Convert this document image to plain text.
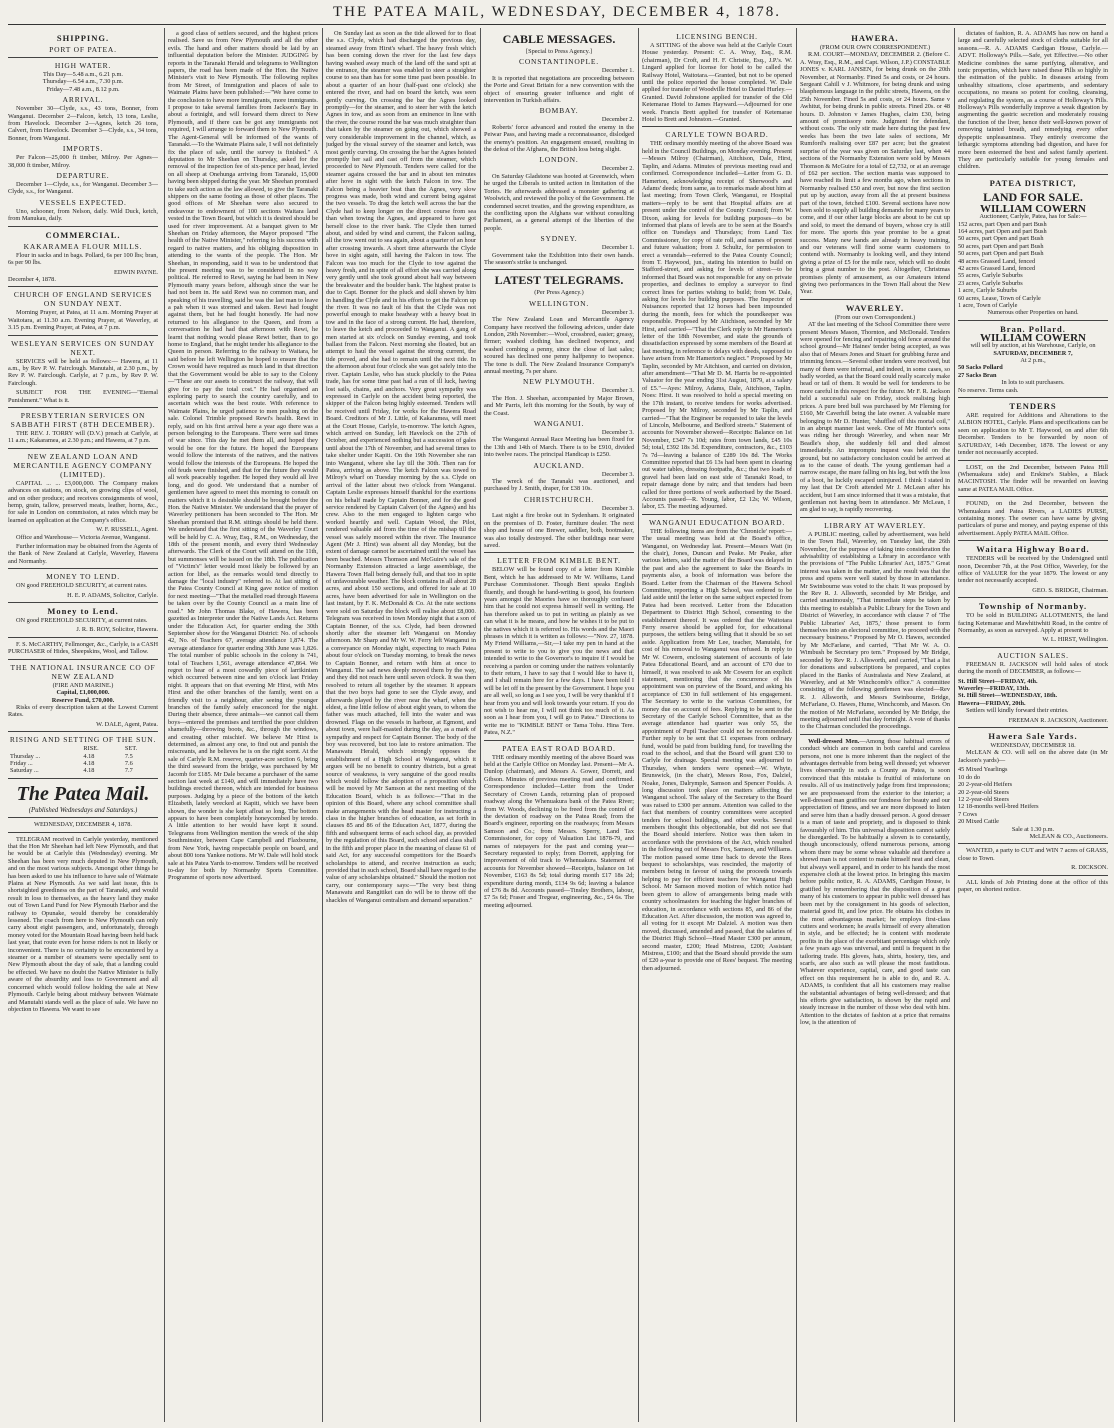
THE PATEA MAIL, WEDNESDAY, DECEMBER 4, 1878.
SHIPPING.
PORT OF PATEA.
HIGH WATER.
This Day—5.48 a.m., 6.21 p.m.
Thursday—6.54 a.m., 7.30 p.m.
Friday—7.48 a.m., 8.12 p.m.
ARRIVAL.

November 30—Clyde, s.s., 43 tons, Bonner, from Wanganui. December 2—Falcon, ketch, 13 tons, Leslie, from Havelock. December 2—Agnes, ketch 26 tons, Calvert, from Havelock. December 3—Clyde, s.s., 34 tons, Bonner, from Wanganui.

IMPORTS.

Per Falcon—25,000 ft timber, Milroy. Per Agnes—38,000 ft timber, Milroy.

DEPARTURE.

December 1—Clyde, s.s., for Wanganui. December 3—Clyde, s.s., for Wanganui.

VESSELS EXPECTED.

Uno, schooner, from Nelson, daily. Wild Duck, ketch, from Manukau, daily.

COMMERCIAL.
KAKARAMEA FLOUR MILLS.

Flour in sacks and in bags. Pollard, 6s per 100 lbs; bran, 6s per 90 lbs.

EDWIN PAYNE.
December 4, 1878.
CHURCH OF ENGLAND SERVICES ON SUNDAY NEXT.

Morning Prayer, at Patea, at 11 a.m. Morning Prayer at Waitotara, at 11.30 a.m. Evening Prayer, at Waverley, at 3.15 p.m. Evening Prayer, at Patea, at 7 p.m.

WESLEYAN SERVICES ON SUNDAY NEXT.

SERVICES will be held as follows:— Hawera, at 11 a.m., by Rev P. W. Fairclough. Manutahi, at 2.30 p.m., by Rev P. W. Fairclough. Carlyle, at 7 p.m., by Rev P. W. Fairclough.

SUBJECT FOR THE EVENING—"Eternal Punishment." What is it.

PRESBYTERIAN SERVICES ON SABBATH FIRST (8TH DECEMBER).

THE REV. J. TORRY will (D.V.) preach at Carlyle, at 11 a.m.; Kakaramea, at 2.30 p.m.; and Hawera, at 7 p.m.

NEW ZEALAND LOAN AND MERCANTILE AGENCY COMPANY (LIMITED).

CAPITAL ... ... £3,000,000. The Company makes advances on stations, on stock, on growing clips of wool, and on other produce; and receives consignments of wool, hemp, grain, tallow, preserved meats, leather, horns, &c., for sale in London on commission, at rates which may be learned on application at the Company's office.

W. F. RUSSELL, Agent.

Office and Warehouse— Victoria Avenue, Wanganui.

Further information may be obtained from the Agents of the Bank of New Zealand at Carlyle, Waverley, Hawera and Normanby.

MONEY TO LEND.

ON good FREEHOLD SECURITY, at current rates.

H. E. P. ADAMS, Solicitor, Carlyle.
Money to Lend.

ON good FREEHOLD SECURITY, at current rates.

J. R. B. ROY, Solicitor, Hawera.

F. S. McCARTHY, Fellmonger, &c., Carlyle, is a CASH PURCHASER of Hides, Sheepskins, Wool, and Tallow.

THE NATIONAL INSURANCE CO OF NEW ZEALAND
(FIRE AND MARINE.)
Capital, £1,000,000.
Reserve Fund, £70,000.

Risks of every description taken at the Lowest Current Rates.

W. DALE, Agent, Patea.
RISING AND SETTING OF THE SUN.
	RISE.	SET.
Thursday ...	4.18	7.5
Friday ...	4.18	7.6
Saturday ...	4.18	7.7
The Patea Mail.
(Published Wednesdays and Saturdays.)
WEDNESDAY, DECEMBER 4, 1878.

TELEGRAM received in Carlyle yesterday, mentioned that the Hon Mr Sheehan had left New Plymouth, and that he would be at Carlyle this (Wednesday) evening. Mr Sheehan has been very much deputed in New Plymouth, and on the most various subjects. Amongst other things he has been asked to use his influence to have sale of Waimate Plains at New Plymouth. As we said last issue, this is shortsighted greediness on the part of Taranaki, and would result in loss to themselves, as the heavy land they make out of Town Land Fund for New Plymouth Harbor and the railway to Opunake, would thereby be considerably lessened. The coach from here to New Plymouth can only carry about eight passengers, and, unfortunately, through money voted for the Mountain Road having been held back last year, that route even for horse riders is not in likely or inconvenient. There is no certainty to be encountered by a steamer or a number of steamers were specially sent to New Plymouth about the day of sale, that a landing could be effected. We have no doubt the Native Minister is fully aware of the absurdity and loss to Government and all concerned which would follow holding the sale at New Plymouth. Carlyle being about midway between Waimate and Manutahi stands well as the place of sale. We have no objection to Hawera. We want to see

a good class of settlers secured, and the highest prices realised. Save us from New Plymouth and all the other evils. The hand and other matters should be laid by an influential deputation before the Minister. JUDGING by reports in the Taranaki Herald and telegrams to Wellington papers, the road has been made of the Hon. the Native Minister's visit to New Plymouth. The following replies from Mr Street, of Immigration and places of sale to Waimate Plains have been published:—"We have come to the conclusion to have more immigrants, more immigrants. I propose to take several families from Jackson's Bay in about a fortnight, and will forward them direct to New Plymouth, and if there can be got any immigrants not required, I will arrange to forward them to New Plymouth. The Agent-General will be informed of the wants of Taranaki.—To the Waimate Plains sale, I will not definitely fix the place of sale, until the survey is finished." A deputation to Mr Sheehan on Thursday, asked for the removal of the inspection fee of six-pence per head, levied on all sheep at Onehunga arriving from Taranaki, 15,000 having been shipped during the year. Mr Sheehan promised to take such action as the law allowed, to give the Taranaki shippers on the same footing as those of other places. The good offices of Mr Sheehan were also secured to endeavour to endowment of 100 sections Waitara land vested in the Town Board, but which it is desired should be used for river improvement. At a banquet given to Mr Sheehan on Friday afternoon, the Mayor proposed "The health of the Native Minister," referring to his success with regard to native matters, and his obliging disposition in attending to the wants of the people. The Hon. Mr Sheehan, in responding, said it was to be understood that the present meeting was to be considered in no way political. He referred to Rewi, saying he had been in New Plymouth many years before, although since the war he had not been in. He said Rewi was no common man, and speaking of his travelling, said he was the last man to leave a pah when it was stormed and taken. Rewi had fought against them, but he had fought honestly. He had now returned to his allegiance to the Queen, and from a conversation he had had that afternoon with Rewi, he learnt that nothing would please Rewi better, than to go home to England, that he might tender his allegiance to the Queen in person. Referring to the railway to Waitara, he said before he left Wellington he hoped to ensure that the Crown would have required as much land in that direction that the Government would be able to say to the Colony—"These are our assets to construct the railway, that will give for to pay the total cost." He had organised an exploring party to search the country carefully, and to ascertain which was the best route. With reference to Waimate Plains, he urged patience to men pushing on the sale. Colonel Trimble proposed Rewi's health. Rewi in reply, said on his first arrival here a year ago there was a person belonging to the Europeans. There were sad times of war since. This day he met them all, and hoped they would be one for the future. He hoped the Europeans would follow the interests of the natives, and the natives would follow the interests of the Europeans. He hoped the old feuds were finished, and that for the future they would all work peaceably together. He hoped they would all live long, and do good. We understand that a number of gentlemen have agreed to meet this morning to consult on matters which it is desirable should be brought before the Hon. the Native Minister. We understand that the prayer of Waverley petitioners has been seconded to The Hon. Mr Sheehan promised that R.M. sittings should be held there. We understand that the first sitting of the Waverley Court will be held by C. A. Wray, Esq., R.M., on Wednesday, the 18th of the present month, and every third Wednesday afterwards. The Clerk of the Court will attend on the 11th, but summonses will be issued on the 18th. The publication of "Victim's" letter would most likely be followed by an action for libel, as the remarks would tend directly to damage the "local industry" referred to. At last sitting of the Patea County Council at King gave notice of motion for next meeting—"That the metalled road through Hawera be taken over by the County Council as a main line of road." Mr John Thomas Blake, of Hawera, has been gazetted as Interpreter under the Native Lands Act. Returns under the Education Act, for quarter ending the 30th September show for the Wanganui District: No. of schools 42, No. of Teachers 67, average attendance 1,874. The average attendance for quarter ending 30th June was 1,826. The total number of public schools in the colony is 741, total of Teachers 1,561, average attendance 47,864. We regret to hear of a most cowardly piece of larrikinism which occurred between nine and ten o'clock last Friday night. It appears that on that evening Mr Hirst, with Mrs Hirst and the other branches of the family, went on a friendly visit to a neighbour, after seeing the younger branches of the family safely ensconced for the night. During their absence, three animals—we cannot call them boys—entered the premises and terrified the poor children shamefully—throwing boots, &c., through the windows, and creating other mischief. We believe Mr Hirst is determined, as almost any one, to find out and punish the miscreants, and he believes he is on the right scent. At the sale of Carlyle R.M. reserve, quarter-acre section 6, being the third seaward from the bridge, was purchased by Mr Jacomb for £185. Mr Dale became a purchaser of the same section last week at £140, and will immediately have two buildings erected thereon, which are intended for business purposes. Judging by a piece of the bottom of the ketch Elizabeth, lately wrecked at Kapiti, which we have been shown, the wonder is she kept afloat so long. The bottom appears to have been completely honeycombed by teredo. A little attention to her would have kept it sound. Telegrams from Wellington mention the wreck of the ship Southminster, between Cape Campbell and Flaxbourne, from New York, having respectable people on board, and about 800 tons Yankee notions. Mr W. Dale will hold stock sale at his Patea Yards to-morrow. Tenders will be received to-day for both by Normanby Sports Committee. Programme of sports now advertised.

On Sunday last as soon as the tide allowed for to float the s.s. Clyde, which had discharged the previous day, steamed away from Hirst's wharf. The heavy fresh which has been coming down the river for the last few days having washed away much of the land off the sand spit at the entrance, the steamer was enabled to steer a straighter course to sea than has for some time past been possible. In about a quarter of an hour (half-past one o'clock) she entered the river, and had on board the ketch, was seen gently curving. On crossing the bar the Agnes looked promptly—for the steamer, and to steer her with the ketch Agnes in tow, and as soon from an eminence in line with the river, the course round the bar was much straighter than that taken by the steamer on going out, which showed a very considerable improvement in the channel, which, as judged by the visual survey of the steamer and ketch, was most gently curving. On crossing the bar the Agnes hoisted promptly her sail and cast off from the steamer, which proceeded to New Plymouth. Tenders were called for the steamer agains crossed the bar and in about ten minutes after hove in sight with the ketch Falcon in tow. The Falcon being a heavier boat than the Agnes, very slow progress was made, both wind and current being against the two vessels. To drag the ketch well across the bar the Clyde had to keep longer on the direct course from sea than when towing the Agnes, and appeared to have got herself close to the river bank. The Clyde then turned about, and sided by wind and current, the Falcon sailing, all the tow went out to sea again, about a quarter of an hour after crossing inwards. A short time afterwards the Clyde hove in sight again, still having the Falcon in tow. The Falcon was too much for the Clyde to tow against the heavy fresh, and in spite of all effort she was carried along very gently until she took ground about half way between the breakwater and the boulder bank. The highest praise is due to Capt. Bonner for the pluck and skill shown by him in handling the Clyde and in his efforts to get the Falcon up the river. It was no fault of his that the Clyde was not powerful enough to make headway with a heavy boat in tow and in the face of a strong current. He had, therefore, to leave the ketch and proceeded to Wanganui. A gang of men started at six o'clock on Sunday evening, and took ballast from the Falcon. Next morning she floated, but an attempt to haul the vessel against the strong current, the tide proved, and she had to remain until the next tide. In the afternoon about four o'clock she was got safely into the river. Captain Leslie, who has stuck pluckily to the Patea trade, has for some time past had a run of ill luck, having lost sails, chains, and anchors. Very great sympathy was expressed in Carlyle on the accident being reported, the skipper of the Falcon being highly esteemed. Tenders will be received until Friday, for works for the Hawera Road Board. Creditors of Mr J. Little, of Kakaramea, will meet at the Court House, Carlyle, to-morrow. The ketch Agnes, which arrived on Sunday, left Havelock on the 27th of October, and experienced nothing but a succession of gales until about the 17th of November, and had several times to take shelter under Kapiti. On the 19th November she ran into Wanganui, where she lay till the 30th. Then ran for Patea, arriving as above. The ketch Falcon was towed to Milroy's wharf on Tuesday morning by the s.s. Clyde on arrival of the latter about two o'clock from Wanganui. Captain Leslie expresses himself thankful for the exertions on his behalf made by Captain Bonner, and for the good service rendered by Captain Calvert (of the Agnes) and his crew. Also to the men engaged to lighten cargo who worked heartily and well. Captain Wood, the Pilot, rendered valuable aid from the time of the mishap till the vessel was safely moored within the river. The Insurance Agent (Mr J. Hirst) was absent all day Monday, but the extent of damage cannot be ascertained until the vessel has been beached. Messrs Thomson and McGuire's sale of the Normanby Extension attracted a large assemblage, the Hawera Town Hall being densely full, and that too in spite of unfavourable weather. The block contains in all about 28 acres, and about 150 sections, and offered for sale at 10 acres, have been advertised for sale in Wellington on the last instant, by F. K. McDonald & Co. At the rate sections were sold on Saturday the block will realise about £8,000. Telegram was received in town Monday night that a son of Captain Bonner, of the s.s. Clyde, had been drowned shortly after the steamer left Wanganui on Monday afternoon. Mr Sharp and Mr W. W. Ferry left Wanganui in a conveyance on Monday night, expecting to reach Patea about four o'clock on Tuesday morning, to break the news to Captain Bonner, and return with him at once to Wanganui. The sad news deeply moved them by the way, and they did not reach here until seven o'clock. It was then resolved to return all together by the steamer. It appears that the two boys had gone to see the Clyde away, and afterwards played by the river near the wharf, when the eldest, a fine little fellow of about eight years, to whom the father was much attached, fell into the water and was drowned. Flags on the vessels in harbour, at Egmont, and about town, were half-masted during the day, as a mark of sympathy and respect for Captain Bonner. The body of the boy was recovered, but too late to restore animation. The Manawatu Herald, which strongly opposes the establishment of a High School at Wanganui, which it argues will be no benefit to country districts, but a great source of weakness, is very sanguine of the good results which would follow the adoption of a proposition which will be moved by Mr Samson at the next meeting of the Education Board, which is as follows:—"That in the opinion of this Board, where any school committee shall make arrangements with the head master for instructing a class in the higher branches of education, as set forth in clauses 85 and 86 of the Education Act, 1877, during the fifth and subsequent terms of each school day, as provided by the regulation of this Board, such school and class shall in the fifth and proper place in the meaning of clause 61 of said Act, for any successful competitors for the Board's scholarships to attend, and receive instruction as such; provided that in such school, Board shall have regard to the value of any scholarships obtained." Should the motion not carry, our contemporary says:—"The very best thing Manawatu and Rangitikei can do will be to throw off the shackles of Wanganui centralism and demand separation."

CABLE MESSAGES.
[Special to Press Agency.]
CONSTANTINOPLE.
December 1.

It is reported that negotiations are proceeding between the Porte and Great Britain for a new convention with the object of ensuring greater influence and right of intervention in Turkish affairs.

BOMBAY.
December 2.

Roberts' force advanced and routed the enemy in the Peiwar Pass, and having made a reconnaissance, dislodged the enemy's position. An engagement ensued, resulting in the defeat of the Afghans, the British loss being slight.

LONDON.
December 2.

On Saturday Gladstone was hooted at Greenwich, when he urged the Liberals to united action in limitation of the Tories. He afterwards addressed a monster gathering at Woolwich, and reviewed the policy of the Government. He condemned secret treaties, and the growing expenditure, as the conflicting upon the Afghans war without consulting Parliament, as a general attempt of the liberties of the people.

SYDNEY.
December 1.

Government take the Exhibition into their own hands. The season's strike is unchanged.

LATEST TELEGRAMS.
(Per Press Agency.)
WELLINGTON.
December 3.

The New Zealand Loan and Mercantile Agency Company have received the following advices, under date London, 29th November:—Wool, crossbred, easier; greasy, firmer; washed clothing has declined twopence, and washed combing a penny, since the close of last sales; scoured has declined one penny halfpenny to twopence. The tone is dull. The New Zealand Insurance Company's annual meeting, 7s per share.

NEW PLYMOUTH.
December 3.

The Hon. J. Sheehan, accompanied by Major Brown, and Mr Parris, left this morning for the South, by way of the Coast.

WANGANUI.
December 3.

The Wanganui Annual Race Meeting has been fixed for the 13th and 14th of March. There is to be £910, divided into twelve races. The principal Handicap is £250.

AUCKLAND.
December 3.

The wreck of the Taranaki was auctioned, and purchased by J. Smith, draper, for £38 10s.

CHRISTCHURCH.
December 3.

Last night a fire broke out in Sydenham. It originated on the premises of D. Foster, furniture dealer. The next shop and house of one Brewer, saddler, both, bootmaker, was also totally destroyed. The other buildings near were saved.

LETTER FROM KIMBLE BENT.

BELOW will be found copy of a letter from Kimble Bent, which he has addressed to Mr W. Williams, Land Purchase Commissioner. Though Bent speaks English fluently, and though he hand-writing is good, his fourteen years amongst the Maories have so thoroughly confused him that he could not express himself well in writing. He has therefore asked us to put in writing as plainly as we can what it is he means, and how he wishes it to be put to the natives which it is referred to. His words and the Maori phrases in which it is written as follows:—"Nov. 27, 1878. My Friend Williams,—Sir,—I take my pen in hand at the present to write to you to give you the news and that intended to write to the Governor's to inquire if I would be receiving a pardon or coming under the natives voluntarily to their return, I have to say that I would like to have it, and I shall remain here for a few days. I have been told I will be let off in the present by the Government. I hope you are all well, so long as I see you, I will be very thankful if I hear from you and will look towards your return. If you do not wish to hear me, I will not think too much of it. As soon as I hear from you, I will go to Patea." Directions to write me to "KIMBLE BENT or Tama Tohu. Hina Tere. Patea, N.Z."

PATEA EAST ROAD BOARD.

THE ordinary monthly meeting of the above Board was held at the Carlyle Office on Monday last. Present—Mr A. Dunlop (chairman), and Messrs A. Gower, Dorrett, and Gibson. Minutes of previous meeting read and confirmed. Correspondence included—Letter from the Under Secretary of Crown Lands, returning plan of proposed roadway along the Whenuakura bank of the Patea River; from W. Woods, declining to be freed from the control of the deviation of roadway on the Patea Road; from the Board's engineer, reporting on the roadways; from Messrs Samson and Co.; from Messrs. Sperry, Land Tax Commissioner, for copy of Valuation List 1878-79, and names of ratepayers for the past and coming year—Secretary requested to reply; from Dorrett, applying for improvement of old track to Whenuakura. Statement of accounts for November showed—Receipts, balance on 1st November, £163 8s 5d; total during month £17 18s 2d; expenditure during month, £134 9s 6d; leaving a balance of £76 8s 8d. Accounts passed—Tinsley Brothers, labour, £7 5s 6d; Fraser and Tregear, engineering, &c., £4 6s. The meeting adjourned.

LICENSING BENCH.

A SITTING of the above was held at the Carlyle Court House yesterday. Present: C. A. Wray, Esq., R.M. (chairman), Dr Croft, and H. F. Christie, Esq., J.P.'s. W. Lingard applied for license for hotel to be called the Railway Hotel, Waitotara.—Granted, but not to be opened until the police reported the house completed. W. Dale applied for transfer of Woodville Hotel to Daniel Hurley.—Granted. David Johnstone applied for transfer of the Old Ketemarae Hotel to James Hayward.—Adjourned for one week. Francis Brett applied for transfer of Ketemarae Hotel to Brett and Johnston.—Granted.

CARLYLE TOWN BOARD.

THE ordinary monthly meeting of the above Board was held in the Council Buildings, on Monday evening. Present—Messrs Milroy (Chairman), Aitchison, Dale, Hirst, Taplin, and Adams. Minutes of previous meeting read and confirmed. Correspondence included—Letter from G. D. Hamerton, acknowledging receipt of Sherwood's and Adams' deeds; from same, as to remarks made about him at last meeting; from Town Clerk, Wanganui, re Hospital matters—reply to be sent that Hospital affairs are at present under the control of the County Council; from W. Dixon, asking for levels for building purposes—to be informed that plans of levels are to be seen at the Board's office on Tuesdays and Thursdays; from Land Tax Commissioner, for copy of rate roll, and names of present and future valuation; from J. Schultz, for permission to erect a verandah—referred to the Patea County Council; from T. Haywood, jun., stating his intention to build on Stafford-street, and asking for levels of street—to be informed that Board was not responsible for any on private properties, and declines to employ a surveyor to find correct lines for parties wishing to build; from W. Dale, asking for levels for building purposes. The Inspector of Nuisances reported that 12 horses had been impounded during the month, fees for which the poundkeeper was responsible. Proposed by Mr Aitchison, seconded by Mr Hirst, and carried—"That the Clerk reply to Mr Hamerton's letter of the 18th November, and state the grounds of dissatisfaction expressed by some members of the Board at last meeting, in reference to delays with deeds, supposed to have arisen from Mr Hamerton's neglect." Proposed by Mr Taplin, seconded by Mr Aitchison, and carried on division, after amendment—"That Mr D. M. Harris be re-appointed Valuator for the year ending 31st August, 1879, at a salary of £5."—Ayes: Milroy, Adams, Dale, Aitchison, Taplin. Noes: Hirst. It was resolved to hold a special meeting on the 17th instant, to receive tenders for works advertised. Proposed by Mr Milroy, seconded by Mr Taplin, and carried—"That the Engineer be requested to take the levels of Lincoln, Melbourne, and Bedford streets." Statement of accounts for November showed—Receipts: Balance on 1st November, £347 7s 10d; rates from town lands, £45 10s 5d; total, £392 18s 3d. Expenditure, contractors, &c., £103 7s 7d—leaving a balance of £289 10s 8d. The Works Committee reported that £6 13s had been spent in clearing out water tables, dressing footpaths, &c.; that two loads of gravel had been laid on east side of Taranaki Road, to repair damage done by rain; and that tenders had been called for three portions of work authorised by the Board. Accounts passed—R. Young, labor, £2 12s; W. Wilson, labor, £5. The meeting adjourned.

WANGANUI EDUCATION BOARD.

THE following items are from the 'Chronicle' report:— The usual meeting was held at the Board's office, Wanganui, on Wednesday last. Present—Messrs Watt (in the chair), Jones, Duncan and Peake. Mr Peake, after various letters, said the matter of the Board was delayed in the past and also the agreement to take the Board's in payments also, a book of information was before the Board. Letter from the Chairman of the Hawera School Committee, reporting a High School, was ordered to be laid aside until the letter on the same subject expected from Patea had been received. Letter from the Education Department to District High School, consenting to the establishment thereof. It was ordered that the Waitotara Ferry reserve should be applied for, for educational purposes, the settlers being willing that it should be so set aside. Application from Mr Lee, teacher, Manutahi, for cost of his removal to Wanganui was refused. In reply to Mr W. Cowern, enclosing statement of accounts of late Patea Educational Board, and an account of £70 due to himself, it was resolved to ask Mr Cowern for an explicit statement, mentioning that the concurrence of his appointment was on purview of the Board, and asking his acceptance of £30 in full settlement of his engagement. The Secretary to write to the various Committees, for money due on account of fees. Replying to be sent to the Secretary of the Carlyle School Committee, that as the average attendance had quarter was only 55, the appointment of Pupil Teacher could not be recommended. Further reply to be sent that £1 expenses from ordinary fund, would be paid from building fund, for travelling the road to the school, and that the Board will grant £30 to Carlyle for drainage. Special meeting was adjourned to Thursday, when tenders were opened:—W. Whyte, Brunswick, (in the chair), Messrs Ross, Fox, Dalziel, Noake, Jones, Dalrymple, Samson and Spencer Foulds. A long discussion took place on matters affecting the Wanganui school. The salary of the Secretary to the Board was raised to £300 per annum. Attention was called to the fact that members of country committees were accepted tenders for school buildings, and other works. Several members thought this objectionable, but did not see that the Board should interfere. Notice was then taken in accordance with the provisions of the Act, which resulted in the following out of Messrs Fox, Samson, and Williams. The motion passed some time back to devote the Rees bequest to scholarships, was rescinded, the majority of members being in favour of using the proceeds towards helping to pay for efficient teachers for Wanganui High School. Mr Samson moved motion of which notice had been given to allow of arrangements being made with country schoolmasters for teaching the higher branches of education, in accordance with sections 85, and 86 of the Education Act. After discussion, the motion was agreed to, all voting for it except Mr Dalziel. A motion was then moved, discussed, amended and passed, that the salaries of the District High School—Head Master £300 per annum, second master, £200; Head Mistress, £200; Assistant Mistress, £100; and that the Board should provide the sum of £20 a-year to provide one of Rees' bequest. The meeting then adjourned.

HAWERA.
(FROM OUR OWN CORRESPONDENT.)

R.M. COURT—MONDAY, DECEMBER 2. (Before C. A. Wray, Esq., R.M., and Capt. Wilson, J.P.) CONSTABLE JONES v. KARL JANSEN, for being drunk on the 20th November, at Normanby. Fined 5s and costs, or 24 hours. Sergeant Cahill v J. Whitmore, for being drunk and using blasphemous language in the public streets, Hawera, on the 25th November. Fined 5s and costs, or 24 hours. Same v Awhitut, for being drunk in public streets. Fined 20s. or 48 hours. D. Johnston v James Hughes, claim £30, being amount of promissory note. Judgment for defendant, without costs. The only stir made here during the past few weeks has been the two late sales of sections, Mr Rumford's realising over £87 per acre; but the greatest surprise of the year was given on Saturday last, when 44 sections of the Normanby Extension were sold by Messrs Thomson & McGuire for a total of £2,732, or at an average of £62 per section. The section mania was supposed to have reached its limit a few months ago, when sections in Normanby realised £50 and over, but now the first section put up by auction, away from all the at present business part of the town, fetched £100. Several sections have now been sold to supply all building demands for many years to come, and if our other large blocks are about to be cut up and sold, to meet the demand of buyers, whose cry is still for more. The sports this year promise to be a great success. Many new hands are already in heavy training, and our veterans will find some warm customers to contend with. Normanby is looking well, and they intend giving a prize of £5 for the mile race, which will no doubt bring a great number to the post. Altogether, Christmas promises plenty of amusement, as our Amateurs intend giving two performances in the Town Hall about the New Year.

WAVERLEY.
(From our own Correspondent.)

AT the last meeting of the School Committee there were present Messrs Mason, Thornton, and McDonald. Tenders were opened for fencing and repairing old fence around the school ground—Mr Haines' tender being accepted, as was also that of Messrs Jones and Stuart for grubbing furze and trimming fences.—Several other tenders were received, but many of them were informal, and indeed, in some cases, so badly worded, as that the Board could really scarcely make head or tail of them. It would be well for tenderers to be more careful in this respect for the future. Mr F. R. Jackson held a successful sale on Friday, stock realising high prices. A pure bred bull was purchased by Mr Fleming for £160, Mr Caverhill being the late owner. A valuable mare belonging to Mr D. Hunter, "shuffled off this mortal coil," in an abrupt manner last week. One of Mr Hunter's sons was riding her through Waverley, and when near Mr Beadle's shop, she suddenly fell and died almost immediately. An impromptu inquest was held on the ground, but no satisfactory conclusion could be arrived at as to the cause of death. The young gentleman had a narrow escape, the mare falling on his leg, but with the loss of a boot, he luckily escaped uninjured. I think I stated in my last that Dr Croft attended Mr J. McLean after his accident, but I am since informed that it was a mistake, that gentleman not having been in attendance. Mr McLean, I am glad to say, is rapidly recovering.

LIBRARY AT WAVERLEY.

A PUBLIC meeting, called by advertisement, was held in the Town Hall, Waverley, on Tuesday last, the 26th November, for the purpose of taking into consideration the advisability of establishing a Library in accordance with the provisions of "The Public Libraries' Act, 1875." Great interest was taken in the matter, and the result was that the press and opens were well stated by those in attendance. Mr Swinbourne was voted to the chair. It was proposed by the Rev R. J. Allsworth, seconded by Mr Bridge, and carried unanimously, "That immediate steps be taken by this meeting to establish a Public Library for the Town and District of Waverley, in accordance with clause 7 of 'The Public Libraries' Act, 1875,' those present to form themselves into an electoral committee, to proceed with the necessary business." Proposed by Mr O. Hawes, seconded by Mr McFarlane, and carried, "That Mr W. A. O. Wimbush be Secretary pro tem." Proposed by Mr Bridge, seconded by Rev R. J. Allsworth, and carried, "That a list for donations and subscriptions be prepared, and copies placed in the Banks of Australasia and New Zealand, at Waverley, and at Mr Winchcomb's office." A committee consisting of the following gentlemen was elected—Rev R. J. Allsworth, and Messrs Swinbourne, Bridge, McFarlane, O. Hawes, Hume, Winchcomb, and Mason. On the motion of Mr McFarlane, seconded by Mr Bridge, the meeting adjourned until that day fortnight. A vote of thanks to the Chairman concluded the proceedings.

Well-dressed Men.—Among those habitual errors of conduct which are common in both careful and careless persons, not one is more inherent than the neglect of the advantages derivable from being well dressed; yet whoever lives observantly in such a County as Patea, is soon convinced that this mistake is fruitful of misfortune on results. All of us instinctively judge from first impressions; we are prepossessed from the exterior to the interior; a well-dressed man gratifies our fondness for beauty and our appreciation of fitness, and we are more disposed to listen and serve him than a badly dressed person. A good dresser is a man of taste and propriety, and is disposed to think favourably of him. This universal disposition cannot safely be disregarded. To be habitually a sloven is to constantly, though unconsciously, offend numerous persons, among whom there may be some whose valuable aid therefore a shrewd man is not content to make himself neat and clean, but always well apparel, and in order to his hands the most expensive cloth at the lowest price. In bringing this maxim before public notice, R. A. ADAMS, Cardigan House, is gratified by remembering that the disposition of a great many of his customers to appear in public well dressed has been met by the consignment in his goods of selection, material good fit, and low price. He obtains his clothes in the most advantageous market; he employs first-class cutters and workmen; he avails himself of every alteration in style, and be effected; he is content with moderate profits in the place of the exorbitant percentage which only a few years ago was universal, and until is frequent in the tailoring trade. His gloves, hats, shirts, hosiery, ties, and scarfs, are also such as will please the most fastidious. Whatever experience, capital, care, and good taste can effect on this requirement he is able to do, and R. A. ADAMS, is confident that all his customers may realise the substantial advantages of being well-dressed; and that his efforts give satisfaction, is shown by the rapid and steady increase in the number of those who deal with him. Attention to the dictates of fashion at a price that remains low, is the attention of

dictates of fashion, R. A. ADAMS has now on hand a large and carefully selected stock of cloths suitable for all seasons.—R. A. ADAMS Cardigan House, Carlyle.—ADVT. Holloway's Pills.—Safe, yet Effective.—No other Medicine combines the same purifying, alterative, and tonic properties, which have raised these Pills so highly in the estimation of the public. In diseases arising from unhealthy situations, close apartments, and sedentary occupations, no means so potent for cooling, cleansing, and regulating the system, as a course of Holloway's Pills. Holloway's Pills wonderfully improve a weak digestion by augmenting the gastric secretion and moderately rousing the function of the liver, hence their well-known power of removing tainted breath, and remedying every other dyspeptic unpleasantness. They entirely overcome the lethargic symptoms attending bad digestion, and have for more been esteemed the best and safest family aperient. They are particularly suitable for young females and children.

PATEA DISTRICT,
LAND FOR SALE.
WILLIAM COWERN
Auctioneer, Carlyle, Patea, has for Sale:—
152 acres, part Open and part Bush
164 acres, part Open and part Bush
50 acres, part Open and part Bush
50 acres, part Open and part Bush
50 acres, part Open and part Bush
48 acres Grassed Land, fenced
42 acres Grassed Land, fenced
55 acres, Carlyle Suburbs
23 acres, Carlyle Suburbs
1 acre, Carlyle Suburbs
60 acres, Lease, Town of Carlyle
1 acre, Town of Carlyle
Numerous other Properties on hand.
Bran. Pollard.
WILLIAM COWERN
will sell by auction, at his Warehouse, Carlyle, on
SATURDAY, DECEMBER 7,
At 2 p.m.,
50 Sacks Pollard
27 Sacks Bran
In lots to suit purchasers.
No reserve. Terms cash.
TENDERS

ARE required for Additions and Alterations to the ALBION HOTEL, Carlyle. Plans and specifications can be seen on application to Mr T. Haywood, on and after 6th December. Tenders to be forwarded by noon of SATURDAY, 14th December, 1878. The lowest or any tender not necessarily accepted.

LOST, on the 2nd December, between Patea Hill (Whenuakura side) and Erskine's Stables, a Black MACINTOSH. The finder will be rewarded on leaving same at PATEA MAIL Office.

FOUND, on the 2nd December, between the Whenuakura and Patea Rivers, a LADIES PURSE, containing money. The owner can have same by giving particulars of purse and money, and paying expense of this advertisement. Apply PATEA MAIL Office.

Waitara Highway Board.

TENDERS will be received by the Undersigned until noon, December 7th, at the Post Office, Waverley, for the office of VALUER for the year 1879. The lowest or any tender not necessarily accepted.

GEO. S. BRIDGE, Chairman.
Township of Normanby.

TO be sold in BUILDING ALLOTMENTS, the land facing Ketemarae and Mawhitiwhiti Road, in the centre of Normanby, as soon as surveyed. Apply at present to

W. L. HIRST, Wellington.
AUCTION SALES.

FREEMAN R. JACKSON will hold sales of stock during the month of DECEMBER, as follows:—

St. Hill Street—FRIDAY, 4th.
Waverley—FRIDAY, 13th.
St. Hill Street—WEDNESDAY, 18th.
Hawera—FRIDAY, 20th.

Settlers will kindly forward their entries.

FREEMAN R. JACKSON, Auctioneer.
Hawera Sale Yards.
WEDNESDAY, DECEMBER 18.

McLEAN & CO. will sell on the above date (in Mr Jackson's yards)—

45 Mixed Yearlings
10 do do
20 2-year-old Heifers
20 2-year-old Steers
12 2-year-old Steers
12 18-months well-bred Heifers
7 Cows
20 Mixed Cattle
Sale at 1.30 p.m.
McLEAN & CO., Auctioneers.

WANTED, a party to CUT and WIN 7 acres of GRASS, close to Town.

R. DICKSON.

ALL kinds of Job Printing done at the office of this paper, on shortest notice.
